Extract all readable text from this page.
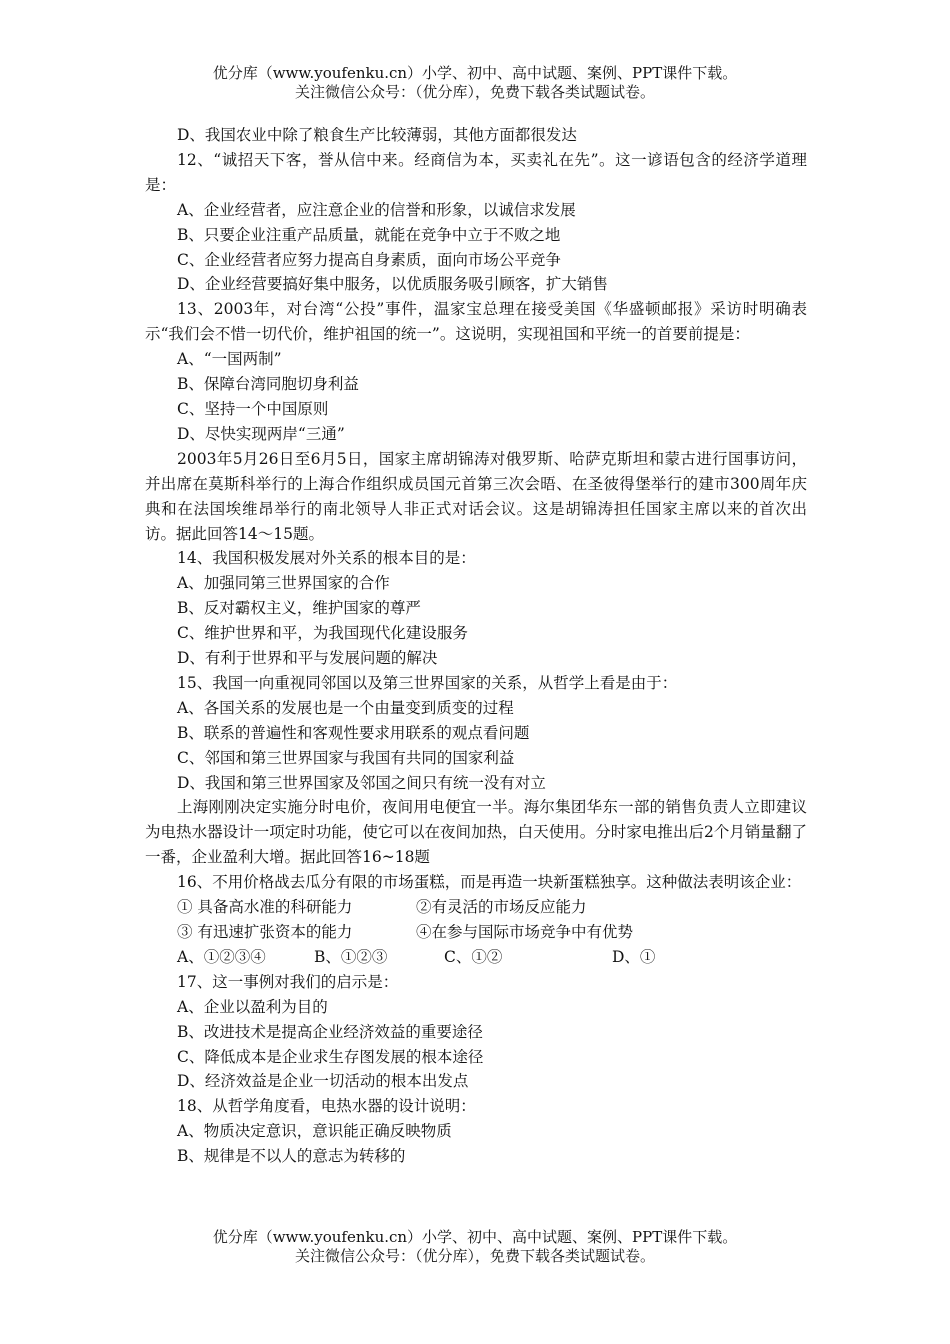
优分库（www.youfenku.cn）小学、初中、高中试题、案例、PPT课件下载。
关注微信公众号：（优分库），免费下载各类试题试卷。

D、我国农业中除了粮食生产比较薄弱，其他方面都很发达

12、“诚招天下客，誉从信中来。经商信为本，买卖礼在先”。这一谚语包含的经济学道理是：

A、企业经营者，应注意企业的信誉和形象，以诚信求发展

B、只要企业注重产品质量，就能在竞争中立于不败之地

C、企业经营者应努力提高自身素质，面向市场公平竞争

D、企业经营要搞好集中服务，以优质服务吸引顾客，扩大销售

13、2003年，对台湾“公投”事件，温家宝总理在接受美国《华盛顿邮报》采访时明确表示“我们会不惜一切代价，维护祖国的统一”。这说明，实现祖国和平统一的首要前提是：

A、“一国两制”

B、保障台湾同胞切身利益

C、坚持一个中国原则

D、尽快实现两岸“三通”

2003年5月26日至6月5日，国家主席胡锦涛对俄罗斯、哈萨克斯坦和蒙古进行国事访问，并出席在莫斯科举行的上海合作组织成员国元首第三次会晤、在圣彼得堡举行的建市300周年庆典和在法国埃维昂举行的南北领导人非正式对话会议。这是胡锦涛担任国家主席以来的首次出访。据此回答14～15题。

14、我国积极发展对外关系的根本目的是：

A、加强同第三世界国家的合作

B、反对霸权主义，维护国家的尊严

C、维护世界和平，为我国现代化建设服务

D、有利于世界和平与发展问题的解决

15、我国一向重视同邻国以及第三世界国家的关系，从哲学上看是由于：

A、各国关系的发展也是一个由量变到质变的过程

B、联系的普遍性和客观性要求用联系的观点看问题

C、邻国和第三世界国家与我国有共同的国家利益

D、我国和第三世界国家及邻国之间只有统一没有对立

上海刚刚决定实施分时电价，夜间用电便宜一半。海尔集团华东一部的销售负责人立即建议为电热水器设计一项定时功能，使它可以在夜间加热，白天使用。分时家电推出后2个月销量翻了一番，企业盈利大增。据此回答16~18题

16、不用价格战去瓜分有限的市场蛋糕，而是再造一块新蛋糕独享。这种做法表明该企业：

① 具备高水准的科研能力	②有灵活的市场反应能力
③ 有迅速扩张资本的能力	④在参与国际市场竞争中有优势
A、①②③④	B、①②③	C、①②	D、①

17、这一事例对我们的启示是：

A、企业以盈利为目的

B、改进技术是提高企业经济效益的重要途径

C、降低成本是企业求生存图发展的根本途径

D、经济效益是企业一切活动的根本出发点

18、从哲学角度看，电热水器的设计说明：

A、物质决定意识，意识能正确反映物质

B、规律是不以人的意志为转移的

优分库（www.youfenku.cn）小学、初中、高中试题、案例、PPT课件下载。
关注微信公众号：（优分库），免费下载各类试题试卷。
